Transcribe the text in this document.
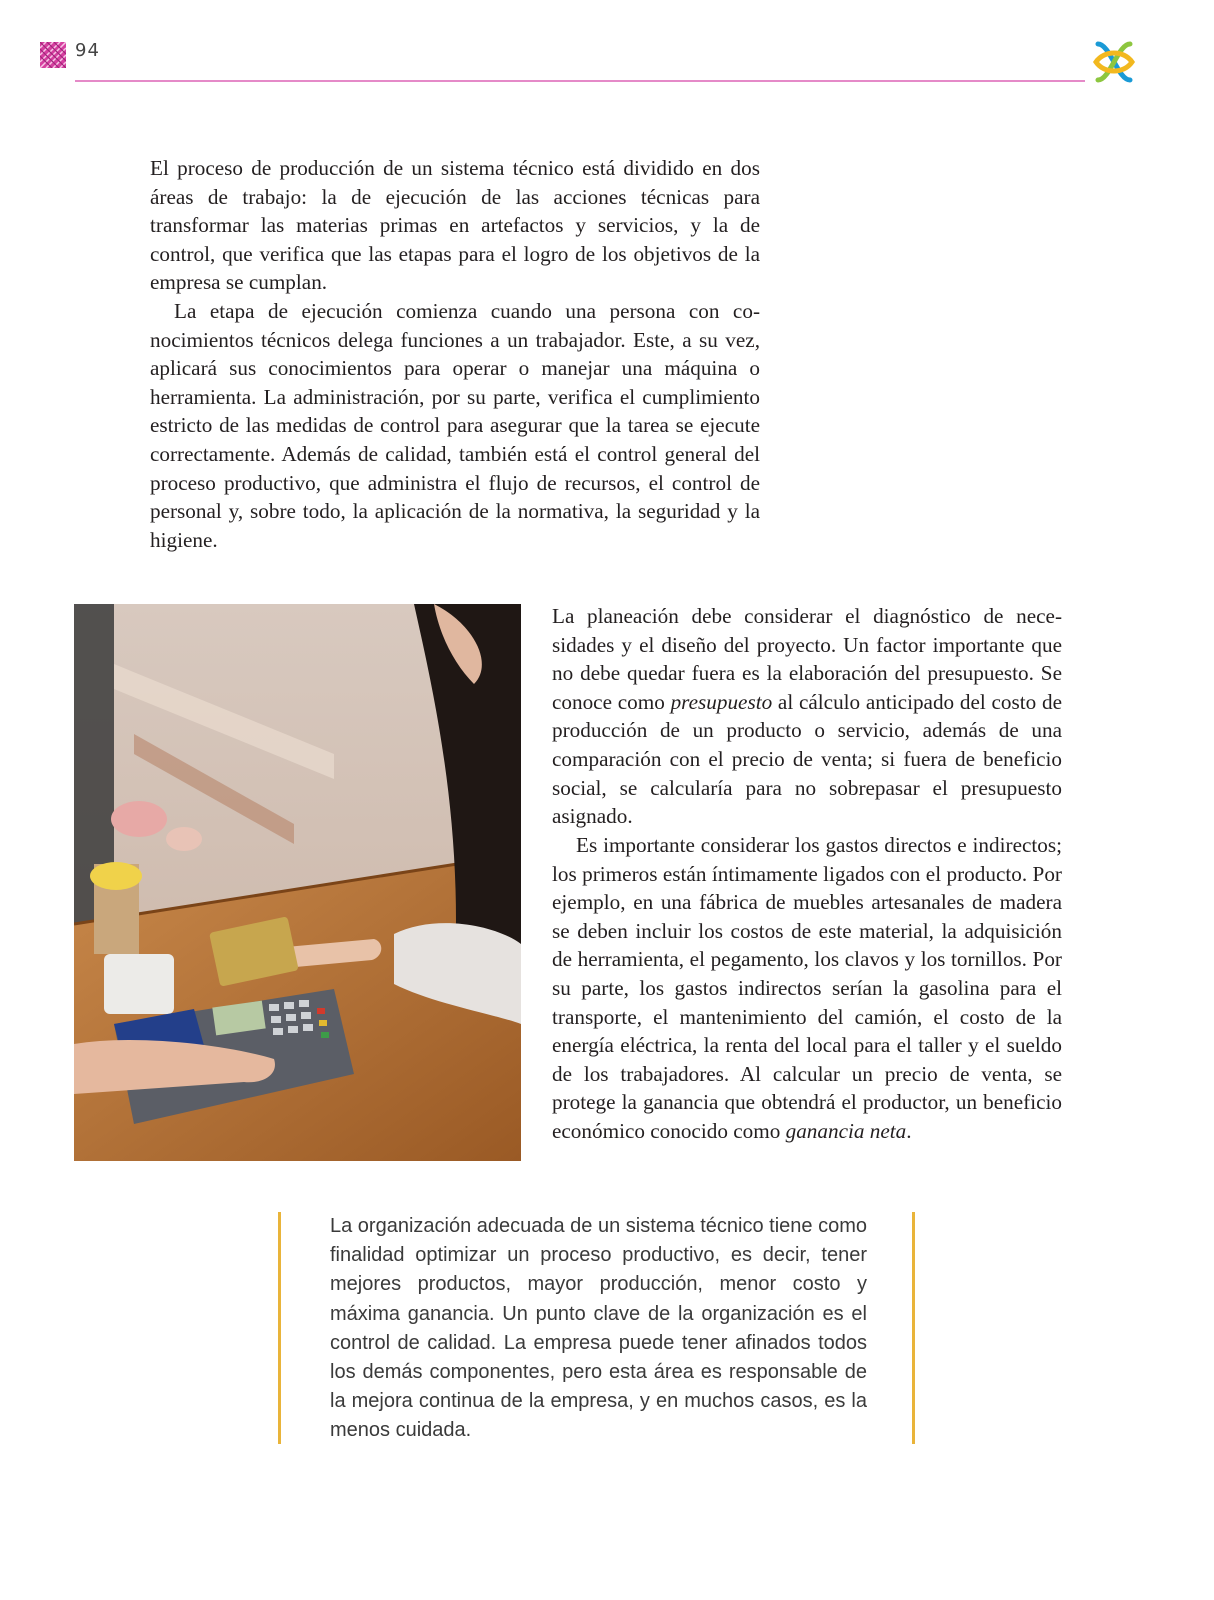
94

El proceso de producción de un sistema técnico está dividido en dos áreas de trabajo: la de ejecución de las acciones técnicas para transformar las materias primas en artefactos y servicios, y la de control, que verifica que las etapas para el logro de los objetivos de la empresa se cumplan.

La etapa de ejecución comienza cuando una persona con conocimientos técnicos delega funciones a un trabajador. Este, a su vez, aplicará sus conocimientos para operar o manejar una máquina o herramienta. La administración, por su parte, verifica el cumplimiento estricto de las medidas de control para asegurar que la tarea se ejecute correctamente. Además de calidad, también está el control general del proceso productivo, que administra el flujo de recursos, el control de personal y, sobre todo, la aplicación de la normativa, la seguridad y la higiene.

La planeación debe considerar el diagnóstico de necesidades y el diseño del proyecto. Un factor importante que no debe quedar fuera es la elaboración del presupuesto. Se conoce como presupuesto al cálculo anticipado del costo de producción de un producto o servicio, además de una comparación con el precio de venta; si fuera de beneficio social, se calcularía para no sobrepasar el presupuesto asignado.

Es importante considerar los gastos directos e indirectos; los primeros están íntimamente ligados con el producto. Por ejemplo, en una fábrica de muebles artesanales de madera se deben incluir los costos de este material, la adquisición de herramienta, el pegamento, los clavos y los tornillos. Por su parte, los gastos indirectos serían la gasolina para el transporte, el mantenimiento del camión, el costo de la energía eléctrica, la renta del local para el taller y el sueldo de los trabajadores. Al calcular un precio de venta, se protege la ganancia que obtendrá el productor, un beneficio económico conocido como ganancia neta.

La organización adecuada de un sistema técnico tiene como finalidad optimizar un proceso productivo, es decir, tener mejores productos, mayor producción, menor costo y máxima ganancia. Un punto clave de la organización es el control de calidad. La empresa puede tener afinados todos los demás componentes, pero esta área es responsable de la mejora continua de la empresa, y en muchos casos, es la menos cuidada.
